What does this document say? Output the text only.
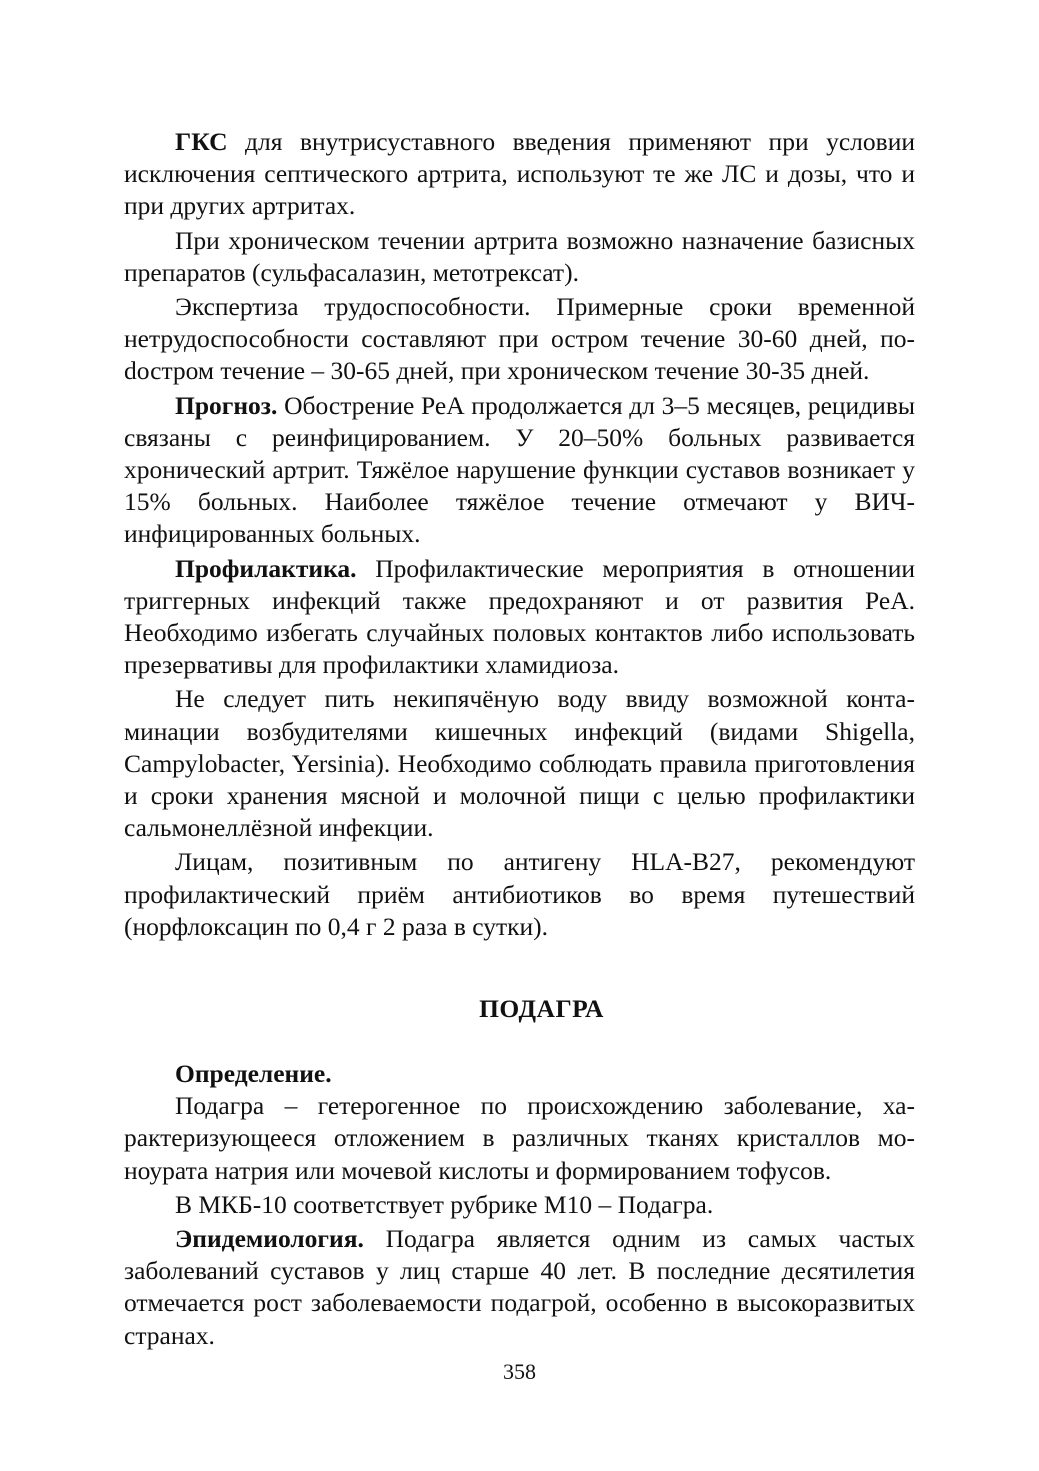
ГКС для внутрисуставного введения применяют при условии исключения септического артрита, используют те же ЛС и дозы, что и при других артритах.

При хроническом течении артрита возможно назначение базисных препаратов (сульфасалазин, метотрексат).

Экспертиза трудоспособности. Примерные сроки временной нетрудоспособности составляют при остром течение 30-60 дней, поdостром течение – 30-65 дней, при хроническом течение 30-35 дней.

Прогноз. Обострение РеА продолжается дл 3–5 месяцев, рецидивы связаны с реинфицированием. У 20–50% больных развивается хронический артрит. Тяжёлое нарушение функции суставов возникает у 15% больных. Наиболее тяжёлое течение отмечают у ВИЧ-инфицированных больных.

Профилактика. Профилактические мероприятия в отношении триггерных инфекций также предохраняют и от развития РеА. Необходимо избегать случайных половых контактов либо использовать презервативы для профилактики хламидиоза.

Не следует пить некипячёную воду ввиду возможной контаминации возбудителями кишечных инфекций (видами Shigella, Campylobacter, Yersinia). Необходимо соблюдать правила приготовления и сроки хранения мясной и молочной пищи с целью профилактики сальмонеллёзной инфекции.

Лицам, позитивным по антигену HLA-B27, рекомендуют профилактический приём антибиотиков во время путешествий (норфлоксацин по 0,4 г 2 раза в сутки).

ПОДАГРА
Определение.

Подагра – гетерогенное по происхождению заболевание, характеризующееся отложением в различных тканях кристаллов моноурата натрия или мочевой кислоты и формированием тофусов.

В МКБ-10 соответствует рубрике М10 – Подагра.

Эпидемиология. Подагра является одним из самых частых заболеваний суставов у лиц старше 40 лет. В последние десятилетия отмечается рост заболеваемости подагрой, особенно в высокоразвитых странах.

358
